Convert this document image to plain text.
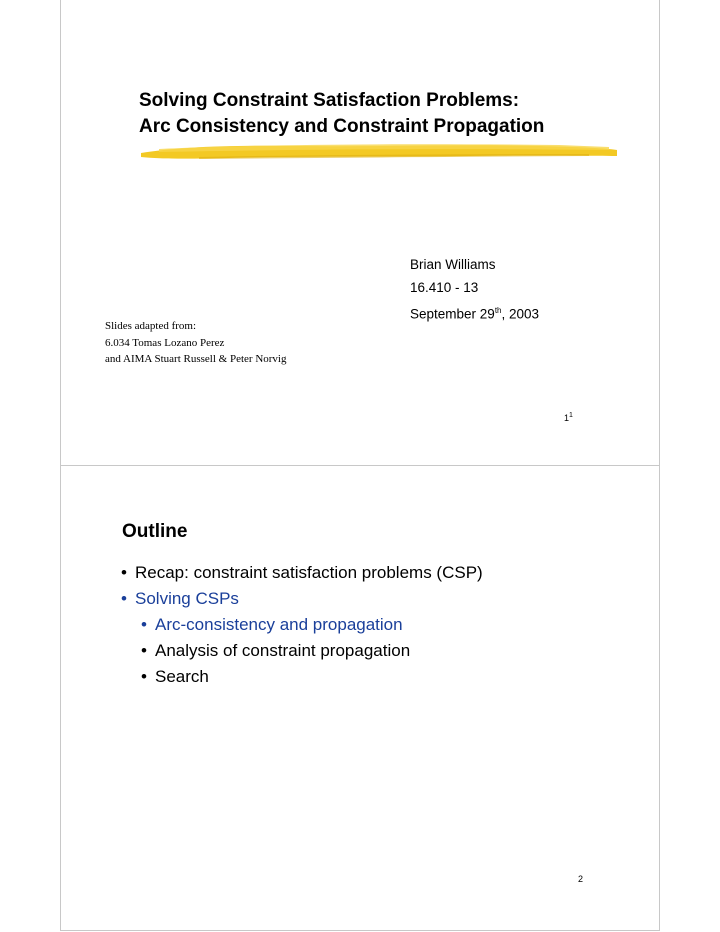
Solving Constraint Satisfaction Problems:
Arc Consistency and Constraint Propagation
Brian Williams
16.410 - 13
September 29th, 2003
Slides adapted from:
6.034 Tomas Lozano Perez
and AIMA Stuart Russell & Peter Norvig
$1^1$
Outline
• Recap: constraint satisfaction problems (CSP)
• Solving CSPs
• Arc-consistency and propagation
• Analysis of constraint propagation
• Search
2
